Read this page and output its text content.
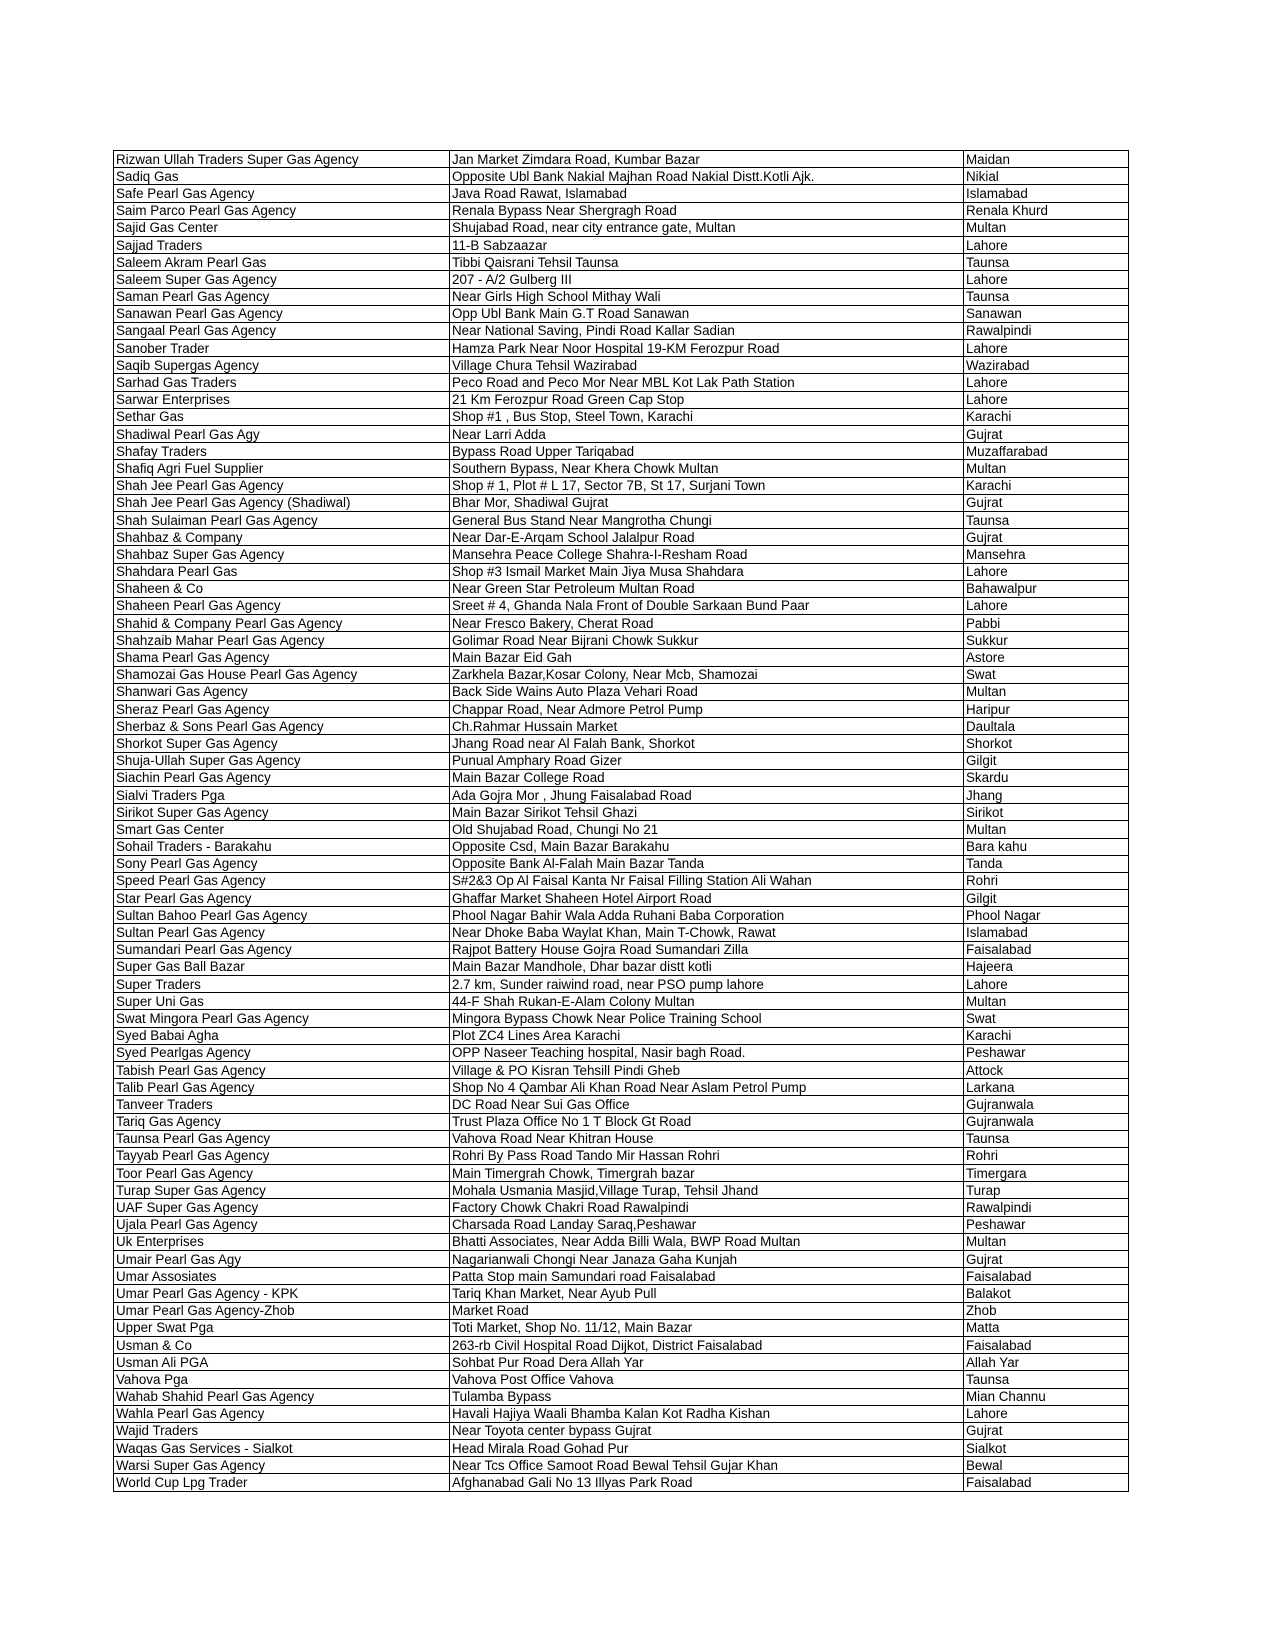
Rizwan Ullah Traders Super Gas Agency	Jan Market Zimdara Road, Kumbar Bazar	Maidan
Sadiq Gas	Opposite Ubl Bank Nakial Majhan Road Nakial Distt.Kotli Ajk.	Nikial
Safe Pearl Gas Agency	Java Road Rawat, Islamabad	Islamabad
Saim Parco Pearl Gas Agency	Renala Bypass Near Shergragh Road	Renala Khurd
Sajid Gas Center	Shujabad Road, near city entrance gate, Multan	Multan
Sajjad Traders	11-B Sabzaazar	Lahore
Saleem Akram Pearl Gas	Tibbi Qaisrani Tehsil Taunsa	Taunsa
Saleem Super Gas Agency	207 - A/2 Gulberg III	Lahore
Saman Pearl Gas Agency	Near Girls High School Mithay Wali	Taunsa
Sanawan Pearl Gas Agency	Opp Ubl Bank Main G.T Road Sanawan	Sanawan
Sangaal Pearl Gas Agency	Near National Saving, Pindi Road Kallar Sadian	Rawalpindi
Sanober Trader	Hamza Park Near Noor Hospital 19-KM Ferozpur Road	Lahore
Saqib Supergas Agency	Village Chura Tehsil Wazirabad	Wazirabad
Sarhad Gas Traders	Peco Road and Peco Mor Near MBL Kot Lak Path Station	Lahore
Sarwar Enterprises	21 Km Ferozpur Road Green Cap Stop	Lahore
Sethar Gas	Shop #1 , Bus Stop, Steel Town, Karachi	Karachi
Shadiwal Pearl Gas Agy	Near Larri Adda	Gujrat
Shafay Traders	Bypass Road Upper Tariqabad	Muzaffarabad
Shafiq Agri Fuel Supplier	Southern Bypass, Near Khera Chowk Multan	Multan
Shah Jee Pearl Gas Agency	Shop # 1, Plot # L 17, Sector 7B, St 17, Surjani Town	Karachi
Shah Jee Pearl Gas Agency (Shadiwal)	Bhar Mor, Shadiwal Gujrat	Gujrat
Shah Sulaiman Pearl Gas Agency	General Bus Stand Near Mangrotha Chungi	Taunsa
Shahbaz & Company	Near Dar-E-Arqam School Jalalpur Road	Gujrat
Shahbaz Super Gas Agency	Mansehra Peace College Shahra-I-Resham Road	Mansehra
Shahdara Pearl Gas	Shop #3 Ismail Market Main Jiya Musa Shahdara	Lahore
Shaheen & Co	Near Green Star Petroleum Multan Road	Bahawalpur
Shaheen Pearl Gas Agency	Sreet # 4, Ghanda Nala Front of Double Sarkaan Bund Paar	Lahore
Shahid & Company Pearl Gas Agency	Near Fresco Bakery, Cherat Road	Pabbi
Shahzaib Mahar Pearl Gas Agency	Golimar Road Near Bijrani Chowk Sukkur	Sukkur
Shama Pearl Gas Agency	Main Bazar Eid Gah	Astore
Shamozai Gas House Pearl Gas Agency	Zarkhela Bazar,Kosar Colony, Near Mcb, Shamozai	Swat
Shanwari Gas Agency	Back Side Wains Auto Plaza Vehari Road	Multan
Sheraz Pearl Gas Agency	Chappar Road, Near Admore Petrol Pump	Haripur
Sherbaz & Sons Pearl Gas Agency	Ch.Rahmar Hussain Market	Daultala
Shorkot Super Gas Agency	Jhang Road near Al Falah Bank, Shorkot	Shorkot
Shuja-Ullah Super Gas Agency	Punual Amphary Road Gizer	Gilgit
Siachin Pearl Gas Agency	Main Bazar College Road	Skardu
Sialvi Traders Pga	Ada Gojra Mor , Jhung Faisalabad Road	Jhang
Sirikot Super Gas Agency	Main Bazar Sirikot Tehsil Ghazi	Sirikot
Smart Gas Center	Old Shujabad Road, Chungi No 21	Multan
Sohail Traders - Barakahu	Opposite Csd, Main Bazar Barakahu	Bara kahu
Sony Pearl Gas Agency	Opposite Bank Al-Falah Main Bazar Tanda	Tanda
Speed Pearl Gas Agency	S#2&3 Op Al Faisal Kanta Nr Faisal Filling Station Ali Wahan	Rohri
Star Pearl Gas Agency	Ghaffar Market Shaheen Hotel Airport Road	Gilgit
Sultan Bahoo Pearl Gas Agency	Phool Nagar Bahir Wala Adda Ruhani Baba Corporation	Phool Nagar
Sultan Pearl Gas Agency	Near Dhoke Baba Waylat Khan, Main T-Chowk, Rawat	Islamabad
Sumandari Pearl Gas Agency	Rajpot Battery House Gojra Road Sumandari Zilla	Faisalabad
Super Gas Ball Bazar	Main Bazar Mandhole, Dhar bazar distt kotli	Hajeera
Super Traders	2.7 km, Sunder raiwind road, near PSO pump lahore	Lahore
Super Uni Gas	44-F Shah Rukan-E-Alam Colony Multan	Multan
Swat Mingora Pearl Gas Agency	Mingora Bypass Chowk Near Police Training School	Swat
Syed Babai Agha	Plot ZC4 Lines Area Karachi	Karachi
Syed Pearlgas Agency	OPP Naseer Teaching hospital, Nasir bagh Road.	Peshawar
Tabish Pearl Gas Agency	Village & PO Kisran Tehsill Pindi Gheb	Attock
Talib Pearl Gas Agency	Shop No 4 Qambar Ali Khan Road Near Aslam Petrol Pump	Larkana
Tanveer Traders	DC Road Near Sui Gas Office	Gujranwala
Tariq Gas Agency	Trust Plaza Office No 1 T Block Gt Road	Gujranwala
Taunsa Pearl Gas Agency	Vahova Road Near Khitran House	Taunsa
Tayyab Pearl Gas Agency	Rohri By Pass Road Tando Mir Hassan Rohri	Rohri
Toor Pearl Gas Agency	Main Timergrah Chowk, Timergrah bazar	Timergara
Turap Super Gas Agency	Mohala Usmania Masjid,Village Turap, Tehsil Jhand	Turap
UAF Super Gas Agency	Factory Chowk Chakri Road Rawalpindi	Rawalpindi
Ujala Pearl Gas Agency	Charsada Road Landay Saraq,Peshawar	Peshawar
Uk Enterprises	Bhatti Associates, Near Adda Billi Wala, BWP Road Multan	Multan
Umair Pearl Gas Agy	Nagarianwali Chongi Near Janaza Gaha Kunjah	Gujrat
Umar Assosiates	Patta Stop main Samundari road Faisalabad	Faisalabad
Umar Pearl Gas Agency - KPK	Tariq Khan Market, Near Ayub Pull	Balakot
Umar Pearl Gas Agency-Zhob	Market Road	Zhob
Upper Swat Pga	Toti Market, Shop No. 11/12, Main Bazar	Matta
Usman & Co	263-rb Civil Hospital Road Dijkot, District Faisalabad	Faisalabad
Usman Ali PGA	Sohbat Pur Road Dera Allah Yar	Allah Yar
Vahova Pga	Vahova Post Office Vahova	Taunsa
Wahab Shahid Pearl Gas Agency	Tulamba Bypass	Mian Channu
Wahla Pearl Gas Agency	Havali Hajiya Waali Bhamba Kalan Kot Radha Kishan	Lahore
Wajid Traders	Near Toyota center bypass Gujrat	Gujrat
Waqas Gas Services - Sialkot	Head Mirala Road Gohad Pur	Sialkot
Warsi Super Gas Agency	Near Tcs Office Samoot Road Bewal Tehsil Gujar Khan	Bewal
World Cup Lpg Trader	Afghanabad Gali No 13 Illyas Park Road	Faisalabad
